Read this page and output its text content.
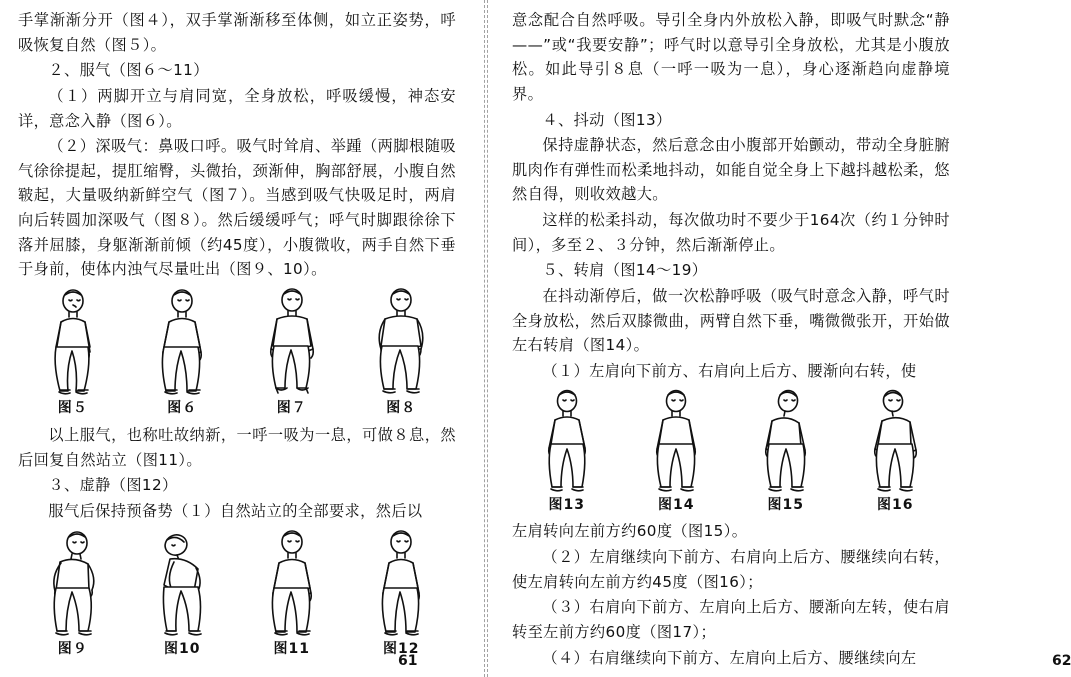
手掌渐渐分开（图４），双手掌渐渐移至体侧，如立正姿势，呼吸恢复自然（图５）。

２、服气（图６～11）

（１）两脚开立与肩同宽，全身放松，呼吸缓慢，神态安详，意念入静（图６）。

（２）深吸气：鼻吸口呼。吸气时耸肩、举踵（两脚根随吸气徐徐提起，提肛缩臀，头微抬，颈渐伸，胸部舒展，小腹自然皲起，大量吸纳新鲜空气（图７）。当感到吸气快吸足时，两肩向后转圆加深吸气（图８）。然后缓缓呼气；呼气时脚跟徐徐下落并屈膝，身躯渐渐前倾（约45度），小腹微收，两手自然下垂于身前，使体内浊气尽量吐出（图９、10）。

图５	图６	图７	图８

以上服气，也称吐故纳新，一呼一吸为一息，可做８息，然后回复自然站立（图11）。

３、虚静（图12）

服气后保持预备势（１）自然站立的全部要求，然后以

图９	图10	图11	图12
61

意念配合自然呼吸。导引全身内外放松入静，即吸气时默念“静 ——”或“我要安静”；呼气时以意导引全身放松，尤其是小腹放松。如此导引８息（一呼一吸为一息），身心逐渐趋向虚静境界。

４、抖动（图13）

保持虚静状态，然后意念由小腹部开始颤动，带动全身脏腑肌肉作有弹性而松柔地抖动，如能自觉全身上下越抖越松柔，悠然自得，则收效越大。

这样的松柔抖动，每次做功时不要少于164次（约１分钟时间），多至２、３分钟，然后渐渐停止。

５、转肩（图14～19）

在抖动渐停后，做一次松静呼吸（吸气时意念入静，呼气时全身放松，然后双膝微曲，两臂自然下垂，嘴微微张开，开始做左右转肩（图14）。

（１）左肩向下前方、右肩向上后方、腰渐向右转，使

图13	图14	图15	图16

左肩转向左前方约60度（图15）。

（２）左肩继续向下前方、右肩向上后方、腰继续向右转，使左肩转向左前方约45度（图16）；

（３）右肩向下前方、左肩向上后方、腰渐向左转，使右肩转至左前方约60度（图17）；

（４）右肩继续向下前方、左肩向上后方、腰继续向左	62
